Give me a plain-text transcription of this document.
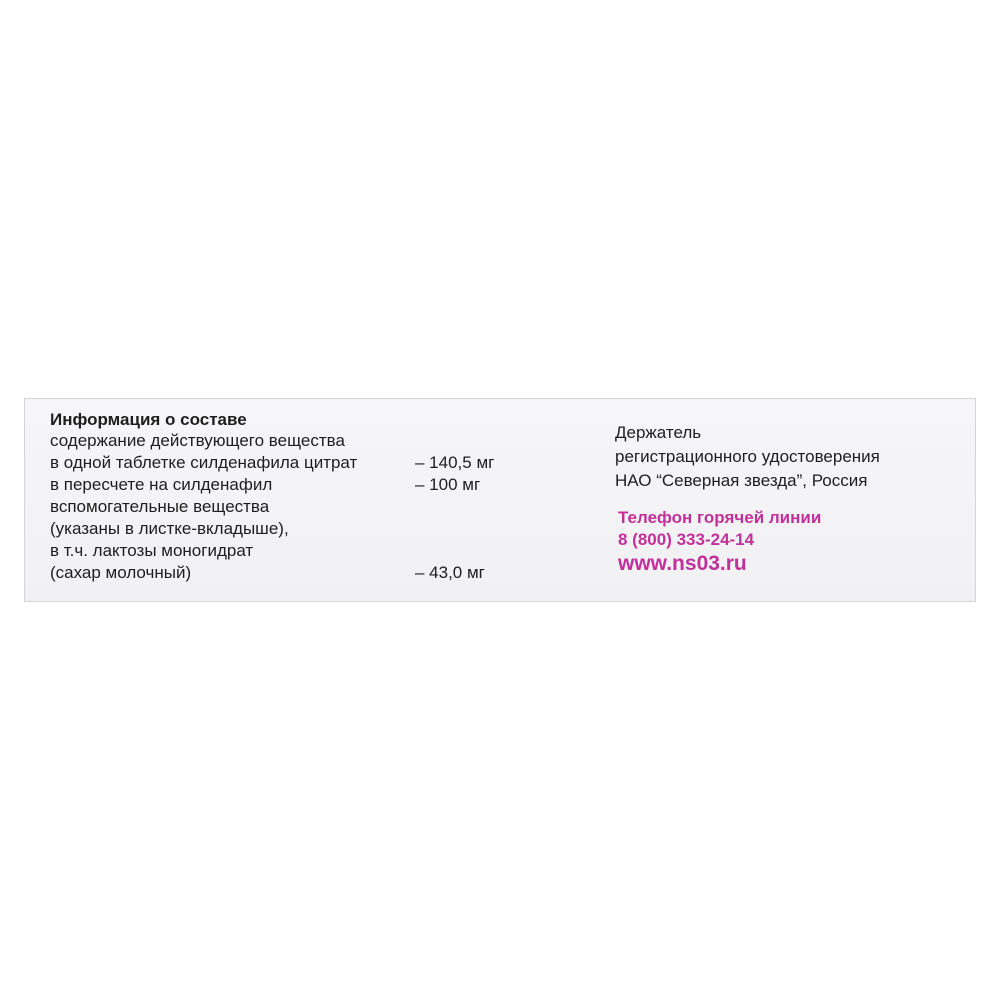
Информация о составе
содержание действующего вещества
в одной таблетке силденафила цитрат	– 140,5 мг
в пересчете на силденафил	– 100 мг
вспомогательные вещества
(указаны в листке-вкладыше),
в т.ч. лактозы моногидрат
(сахар молочный)	– 43,0 мг
Держатель
регистрационного удостоверения
НАО “Северная звезда”, Россия
Телефон горячей линии
8 (800) 333-24-14
www.ns03.ru
